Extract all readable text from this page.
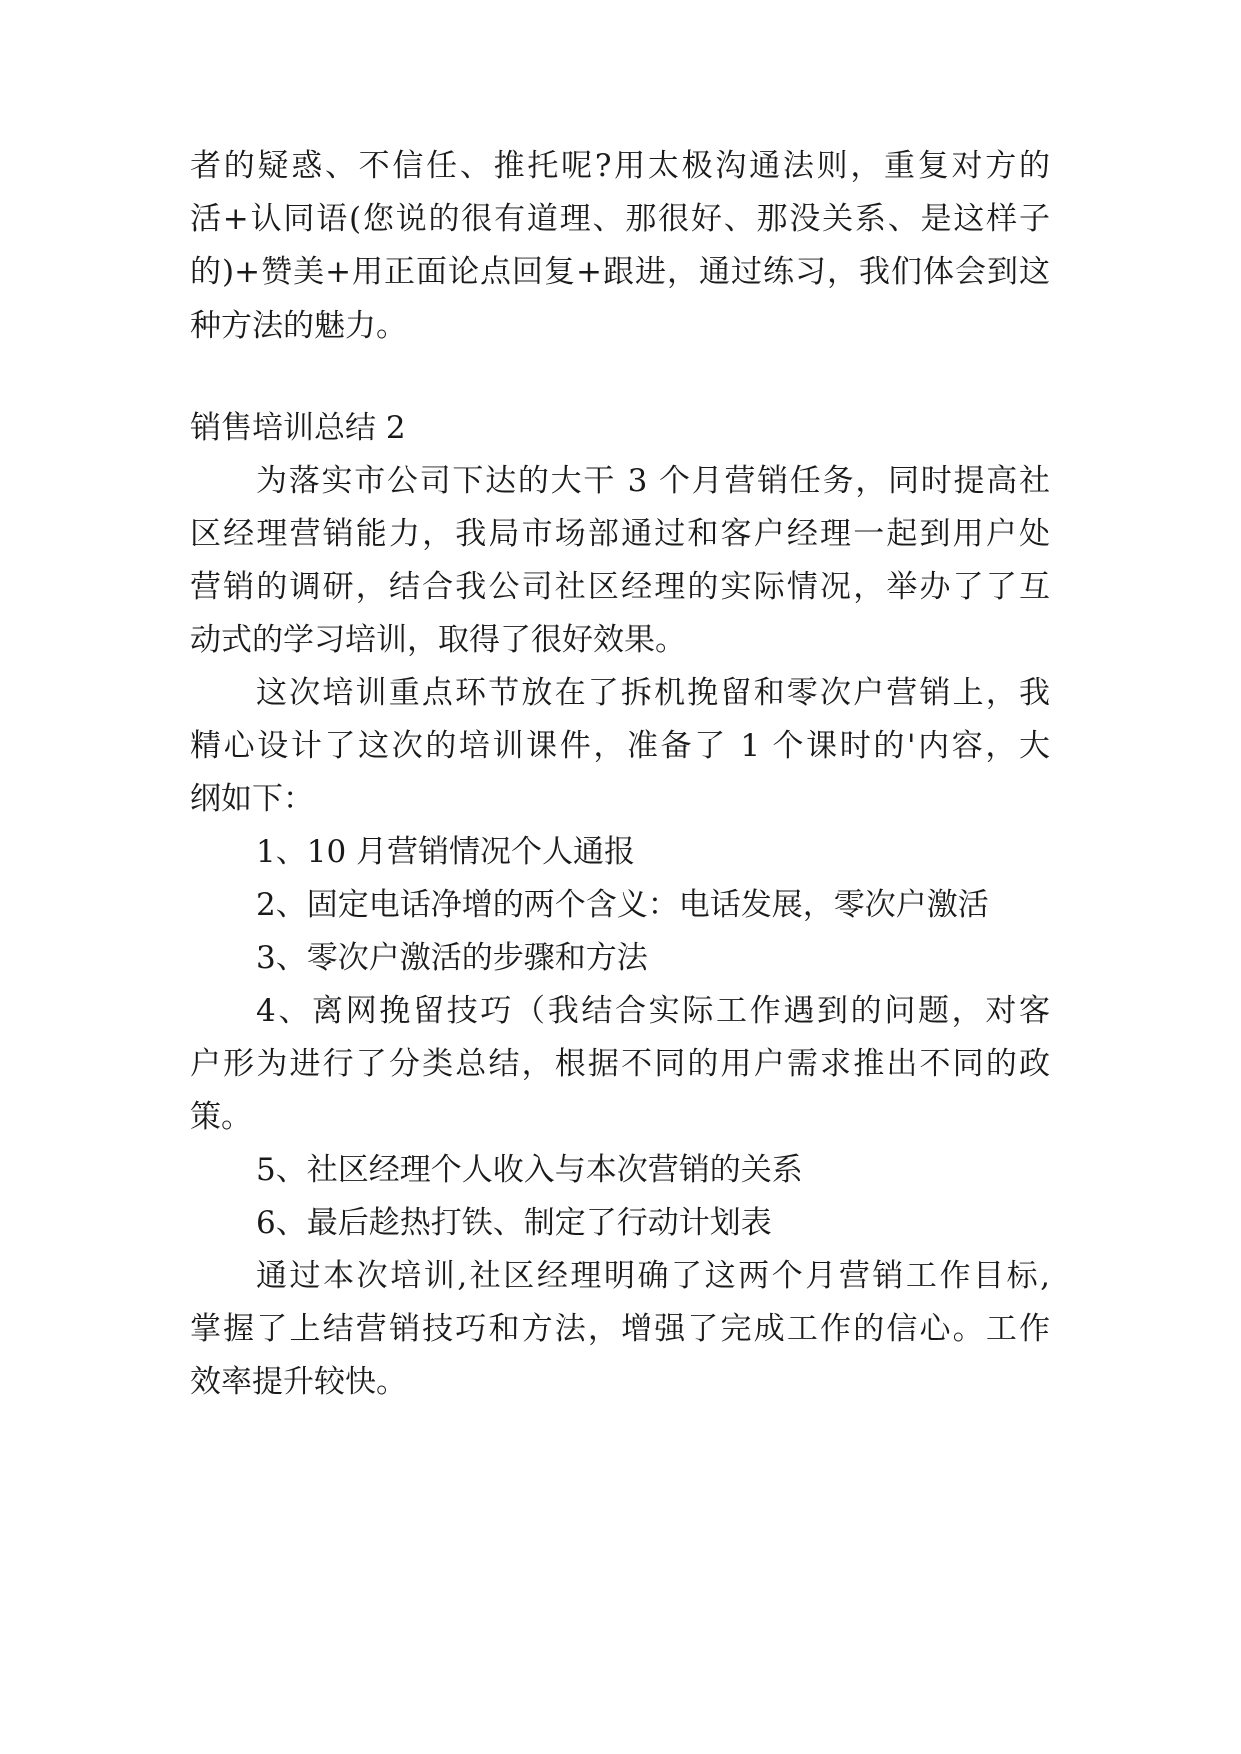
者的疑惑、不信任、推托呢?用太极沟通法则，重复对方的
活+认同语(您说的很有道理、那很好、那没关系、是这样子
的)+赞美+用正面论点回复+跟进，通过练习，我们体会到这
种方法的魅力。
销售培训总结 2
为落实市公司下达的大干 3 个月营销任务，同时提高社
区经理营销能力，我局市场部通过和客户经理一起到用户处
营销的调研，结合我公司社区经理的实际情况，举办了了互
动式的学习培训，取得了很好效果。
这次培训重点环节放在了拆机挽留和零次户营销上，我
精心设计了这次的培训课件，准备了 1 个课时的'内容，大
纲如下：
1、10 月营销情况个人通报
2、固定电话净增的两个含义：电话发展，零次户激活
3、零次户激活的步骤和方法
4、离网挽留技巧（我结合实际工作遇到的问题，对客
户形为进行了分类总结，根据不同的用户需求推出不同的政
策。
5、社区经理个人收入与本次营销的关系
6、最后趁热打铁、制定了行动计划表
通过本次培训,社区经理明确了这两个月营销工作目标,
掌握了上结营销技巧和方法，增强了完成工作的信心。工作
效率提升较快。
